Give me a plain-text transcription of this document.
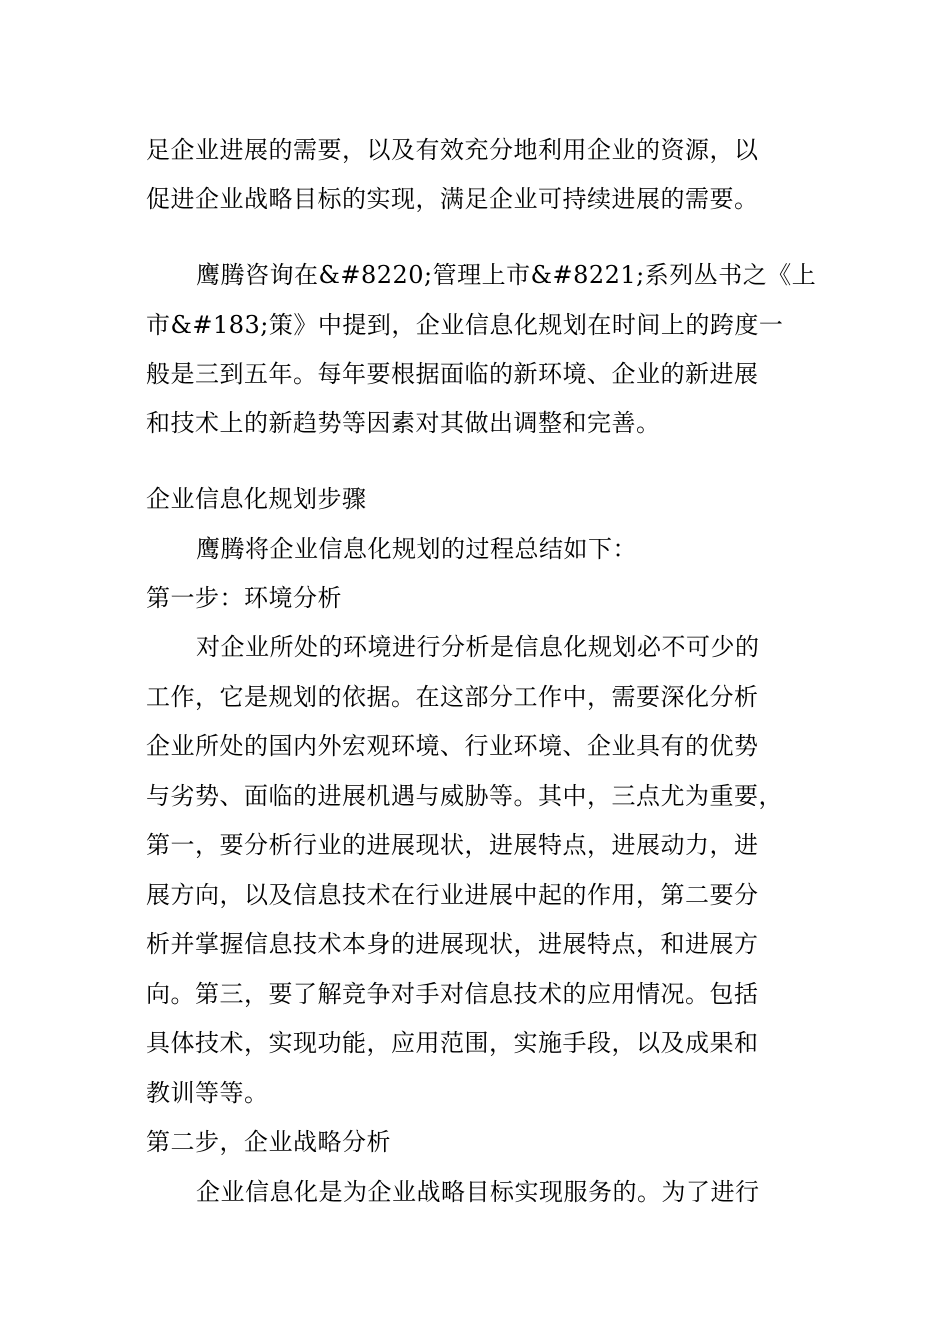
足企业进展的需要，以及有效充分地利用企业的资源，以
促进企业战略目标的实现，满足企业可持续进展的需要。
鹰腾咨询在&#8220;管理上市&#8221;系列丛书之《上
市&#183;策》中提到，企业信息化规划在时间上的跨度一
般是三到五年。每年要根据面临的新环境、企业的新进展
和技术上的新趋势等因素对其做出调整和完善。
企业信息化规划步骤
鹰腾将企业信息化规划的过程总结如下：
第一步：环境分析
对企业所处的环境进行分析是信息化规划必不可少的
工作，它是规划的依据。在这部分工作中，需要深化分析
企业所处的国内外宏观环境、行业环境、企业具有的优势
与劣势、面临的进展机遇与威胁等。其中，三点尤为重要，
第一，要分析行业的进展现状，进展特点，进展动力，进
展方向，以及信息技术在行业进展中起的作用，第二要分
析并掌握信息技术本身的进展现状，进展特点，和进展方
向。第三，要了解竞争对手对信息技术的应用情况。包括
具体技术，实现功能，应用范围，实施手段，以及成果和
教训等等。
第二步，企业战略分析
企业信息化是为企业战略目标实现服务的。为了进行
